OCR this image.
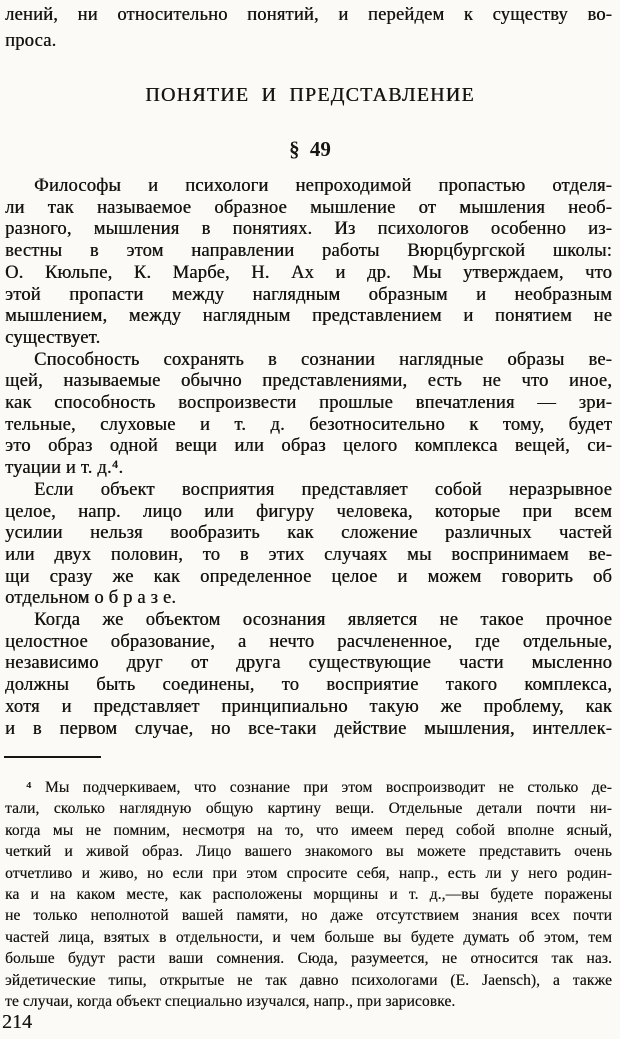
лений, ни относительно понятий, и перейдем к существу во-
проса.
ПОНЯТИЕ И ПРЕДСТАВЛЕНИЕ
§ 49
Философы и психологи непроходимой пропастью отделя-
ли так называемое образное мышление от мышления необ-
разного, мышления в понятиях. Из психологов особенно из-
вестны в этом направлении работы Вюрцбургской школы:
О. Кюльпе, К. Марбе, Н. Ах и др. Мы утверждаем, что
этой пропасти между наглядным образным и необразным
мышлением, между наглядным представлением и понятием не
существует.
Способность сохранять в сознании наглядные образы ве-
щей, называемые обычно представлениями, есть не что иное,
как способность воспроизвести прошлые впечатления — зри-
тельные, слуховые и т. д. безотносительно к тому, будет
это образ одной вещи или образ целого комплекса вещей, си-
туации и т. д.⁴.
Если объект восприятия представляет собой неразрывное
целое, напр. лицо или фигуру человека, которые при всем
усилии нельзя вообразить как сложение различных частей
или двух половин, то в этих случаях мы воспринимаем ве-
щи сразу же как определенное целое и можем говорить об
отдельном о б р а з е.
Когда же объектом осознания является не такое прочное
целостное образование, а нечто расчлененное, где отдельные,
независимо друг от друга существующие части мысленно
должны быть соединены, то восприятие такого комплекса,
хотя и представляет принципиально такую же проблему, как
и в первом случае, но все-таки действие мышления, интеллек-
⁴ Мы подчеркиваем, что сознание при этом воспроизводит не столько де-
тали, сколько наглядную общую картину вещи. Отдельные детали почти ни-
когда мы не помним, несмотря на то, что имеем перед собой вполне ясный,
четкий и живой образ. Лицо вашего знакомого вы можете представить очень
отчетливо и живо, но если при этом спросите себя, напр., есть ли у него родин-
ка и на каком месте, как расположены морщины и т. д.,—вы будете поражены
не только неполнотой вашей памяти, но даже отсутствием знания всех почти
частей лица, взятых в отдельности, и чем больше вы будете думать об этом, тем
больше будут расти ваши сомнения. Сюда, разумеется, не относится так наз.
эйдетические типы, открытые не так давно психологами (E. Jaensch), а также
те случаи, когда объект специально изучался, напр., при зарисовке.
214
